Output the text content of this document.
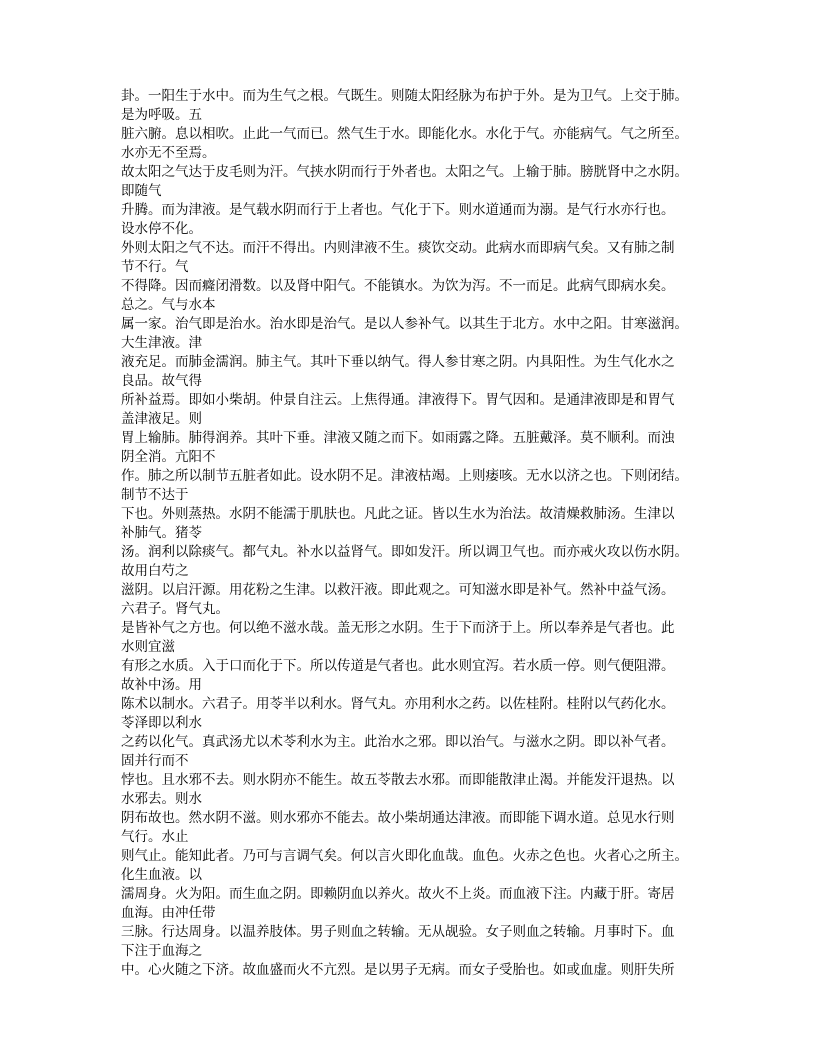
卦。一阳生于水中。而为生气之根。气既生。则随太阳经脉为布护于外。是为卫气。上交于肺。
是为呼吸。五
脏六腑。息以相吹。止此一气而已。然气生于水。即能化水。水化于气。亦能病气。气之所至。
水亦无不至焉。
故太阳之气达于皮毛则为汗。气挟水阴而行于外者也。太阳之气。上输于肺。膀胱肾中之水阴。
即随气
升腾。而为津液。是气载水阴而行于上者也。气化于下。则水道通而为溺。是气行水亦行也。
设水停不化。
外则太阳之气不达。而汗不得出。内则津液不生。痰饮交动。此病水而即病气矣。又有肺之制
节不行。气
不得降。因而癃闭滑数。以及肾中阳气。不能镇水。为饮为泻。不一而足。此病气即病水矣。
总之。气与水本
属一家。治气即是治水。治水即是治气。是以人参补气。以其生于北方。水中之阳。甘寒滋润。
大生津液。津
液充足。而肺金濡润。肺主气。其叶下垂以纳气。得人参甘寒之阴。内具阳性。为生气化水之
良品。故气得
所补益焉。即如小柴胡。仲景自注云。上焦得通。津液得下。胃气因和。是通津液即是和胃气
盖津液足。则
胃上输肺。肺得润养。其叶下垂。津液又随之而下。如雨露之降。五脏戴泽。莫不顺利。而浊
阴全消。亢阳不
作。肺之所以制节五脏者如此。设水阴不足。津液枯竭。上则痿咳。无水以济之也。下则闭结。
制节不达于
下也。外则蒸热。水阴不能濡于肌肤也。凡此之证。皆以生水为治法。故清燥救肺汤。生津以
补肺气。猪苓
汤。润利以除痰气。都气丸。补水以益肾气。即如发汗。所以调卫气也。而亦戒火攻以伤水阴。
故用白芍之
滋阴。以启汗源。用花粉之生津。以救汗液。即此观之。可知滋水即是补气。然补中益气汤。
六君子。肾气丸。
是皆补气之方也。何以绝不滋水哉。盖无形之水阴。生于下而济于上。所以奉养是气者也。此
水则宜滋
有形之水质。入于口而化于下。所以传道是气者也。此水则宜泻。若水质一停。则气便阻滞。
故补中汤。用
陈术以制水。六君子。用苓半以利水。肾气丸。亦用利水之药。以佐桂附。桂附以气药化水。
苓泽即以利水
之药以化气。真武汤尤以术苓利水为主。此治水之邪。即以治气。与滋水之阴。即以补气者。
固并行而不
悖也。且水邪不去。则水阴亦不能生。故五苓散去水邪。而即能散津止渴。并能发汗退热。以
水邪去。则水
阴布故也。然水阴不滋。则水邪亦不能去。故小柴胡通达津液。而即能下调水道。总见水行则
气行。水止
则气止。能知此者。乃可与言调气矣。何以言火即化血哉。血色。火赤之色也。火者心之所主。
化生血液。以
濡周身。火为阳。而生血之阴。即赖阴血以养火。故火不上炎。而血液下注。内藏于肝。寄居
血海。由冲任带
三脉。行达周身。以温养肢体。男子则血之转输。无从觇验。女子则血之转输。月事时下。血
下注于血海之
中。心火随之下济。故血盛而火不亢烈。是以男子无病。而女子受胎也。如或血虚。则肝失所
